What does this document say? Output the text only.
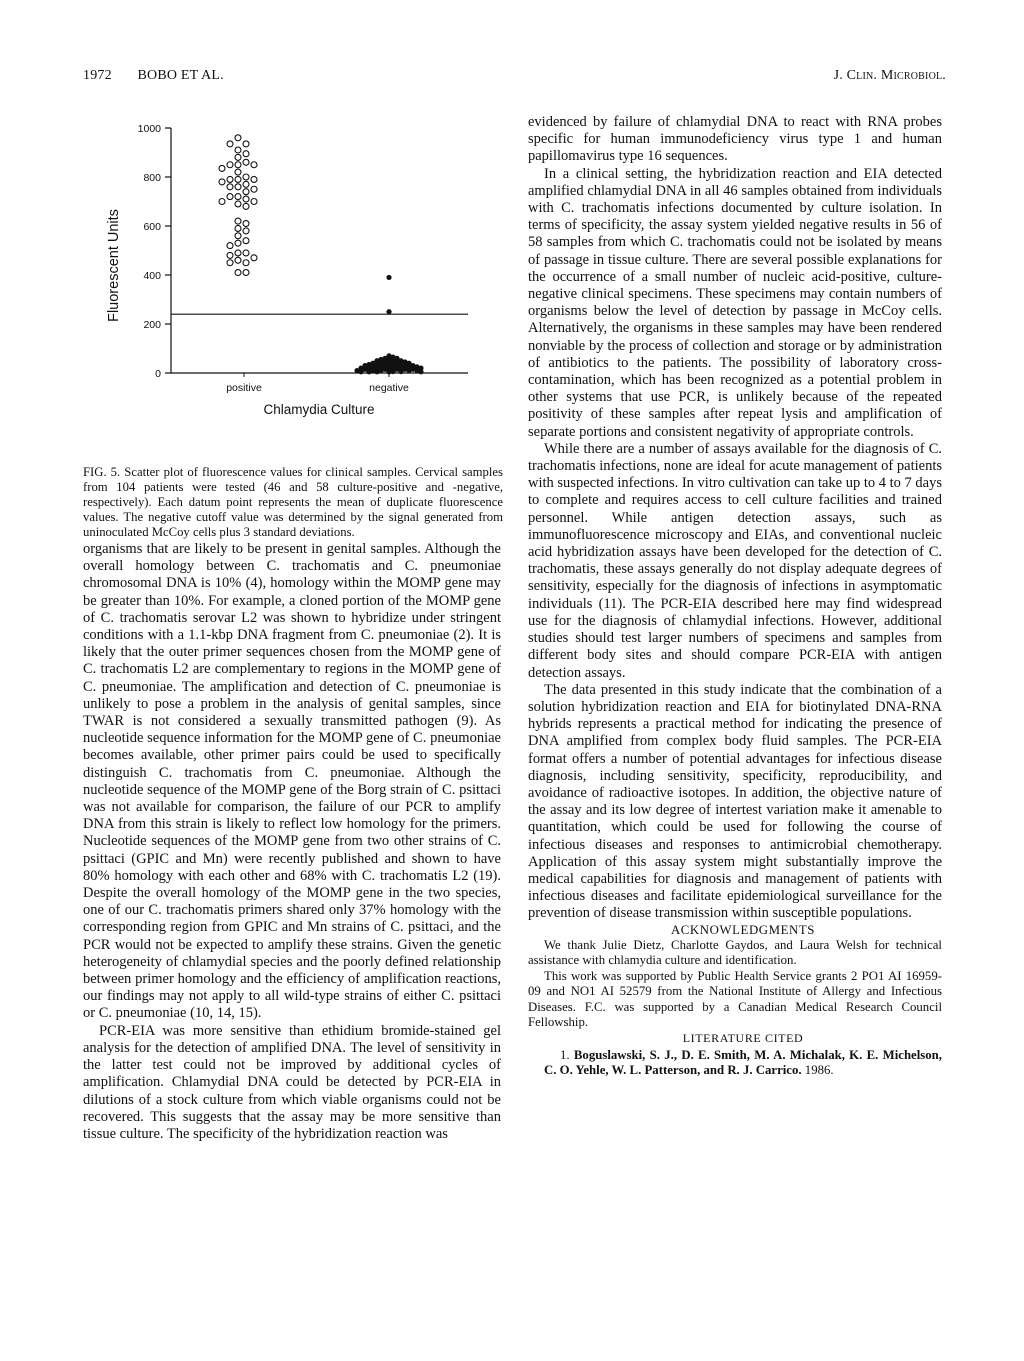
1972 BOBO ET AL.	J. Clin. Microbiol.
0
200
400
600
800
1000
positive	negative
Chlamydia Culture
Fluorescent Units
FIG. 5. Scatter plot of fluorescence values for clinical samples. Cervical samples from 104 patients were tested (46 and 58 culture-positive and -negative, respectively). Each datum point represents the mean of duplicate fluorescence values. The negative cutoff value was determined by the signal generated from uninoculated McCoy cells plus 3 standard deviations.

organisms that are likely to be present in genital samples. Although the overall homology between C. trachomatis and C. pneumoniae chromosomal DNA is 10% (4), homology within the MOMP gene may be greater than 10%. For example, a cloned portion of the MOMP gene of C. trachomatis serovar L2 was shown to hybridize under stringent conditions with a 1.1-kbp DNA fragment from C. pneumoniae (2). It is likely that the outer primer sequences chosen from the MOMP gene of C. trachomatis L2 are complementary to regions in the MOMP gene of C. pneumoniae. The amplification and detection of C. pneumoniae is unlikely to pose a problem in the analysis of genital samples, since TWAR is not considered a sexually transmitted pathogen (9). As nucleotide sequence information for the MOMP gene of C. pneumoniae becomes available, other primer pairs could be used to specifically distinguish C. trachomatis from C. pneumoniae. Although the nucleotide sequence of the MOMP gene of the Borg strain of C. psittaci was not available for comparison, the failure of our PCR to amplify DNA from this strain is likely to reflect low homology for the primers. Nucleotide sequences of the MOMP gene from two other strains of C. psittaci (GPIC and Mn) were recently published and shown to have 80% homology with each other and 68% with C. trachomatis L2 (19). Despite the overall homology of the MOMP gene in the two species, one of our C. trachomatis primers shared only 37% homology with the corresponding region from GPIC and Mn strains of C. psittaci, and the PCR would not be expected to amplify these strains. Given the genetic heterogeneity of chlamydial species and the poorly defined relationship between primer homology and the efficiency of amplification reactions, our findings may not apply to all wild-type strains of either C. psittaci or C. pneumoniae (10, 14, 15).

PCR-EIA was more sensitive than ethidium bromide-stained gel analysis for the detection of amplified DNA. The level of sensitivity in the latter test could not be improved by additional cycles of amplification. Chlamydial DNA could be detected by PCR-EIA in dilutions of a stock culture from which viable organisms could not be recovered. This suggests that the assay may be more sensitive than tissue culture. The specificity of the hybridization reaction was

evidenced by failure of chlamydial DNA to react with RNA probes specific for human immunodeficiency virus type 1 and human papillomavirus type 16 sequences.

In a clinical setting, the hybridization reaction and EIA detected amplified chlamydial DNA in all 46 samples obtained from individuals with C. trachomatis infections documented by culture isolation. In terms of specificity, the assay system yielded negative results in 56 of 58 samples from which C. trachomatis could not be isolated by means of passage in tissue culture. There are several possible explanations for the occurrence of a small number of nucleic acid-positive, culture-negative clinical specimens. These specimens may contain numbers of organisms below the level of detection by passage in McCoy cells. Alternatively, the organisms in these samples may have been rendered nonviable by the process of collection and storage or by administration of antibiotics to the patients. The possibility of laboratory cross-contamination, which has been recognized as a potential problem in other systems that use PCR, is unlikely because of the repeated positivity of these samples after repeat lysis and amplification of separate portions and consistent negativity of appropriate controls.

While there are a number of assays available for the diagnosis of C. trachomatis infections, none are ideal for acute management of patients with suspected infections. In vitro cultivation can take up to 4 to 7 days to complete and requires access to cell culture facilities and trained personnel. While antigen detection assays, such as immunofluorescence microscopy and EIAs, and conventional nucleic acid hybridization assays have been developed for the detection of C. trachomatis, these assays generally do not display adequate degrees of sensitivity, especially for the diagnosis of infections in asymptomatic individuals (11). The PCR-EIA described here may find widespread use for the diagnosis of chlamydial infections. However, additional studies should test larger numbers of specimens and samples from different body sites and should compare PCR-EIA with antigen detection assays.

The data presented in this study indicate that the combination of a solution hybridization reaction and EIA for biotinylated DNA-RNA hybrids represents a practical method for indicating the presence of DNA amplified from complex body fluid samples. The PCR-EIA format offers a number of potential advantages for infectious disease diagnosis, including sensitivity, specificity, reproducibility, and avoidance of radioactive isotopes. In addition, the objective nature of the assay and its low degree of intertest variation make it amenable to quantitation, which could be used for following the course of infectious diseases and responses to antimicrobial chemotherapy. Application of this assay system might substantially improve the medical capabilities for diagnosis and management of patients with infectious diseases and facilitate epidemiological surveillance for the prevention of disease transmission within susceptible populations.

ACKNOWLEDGMENTS

We thank Julie Dietz, Charlotte Gaydos, and Laura Welsh for technical assistance with chlamydia culture and identification.

This work was supported by Public Health Service grants 2 PO1 AI 16959-09 and NO1 AI 52579 from the National Institute of Allergy and Infectious Diseases. F.C. was supported by a Canadian Medical Research Council Fellowship.

LITERATURE CITED

1. Boguslawski, S. J., D. E. Smith, M. A. Michalak, K. E. Michelson, C. O. Yehle, W. L. Patterson, and R. J. Carrico. 1986.
